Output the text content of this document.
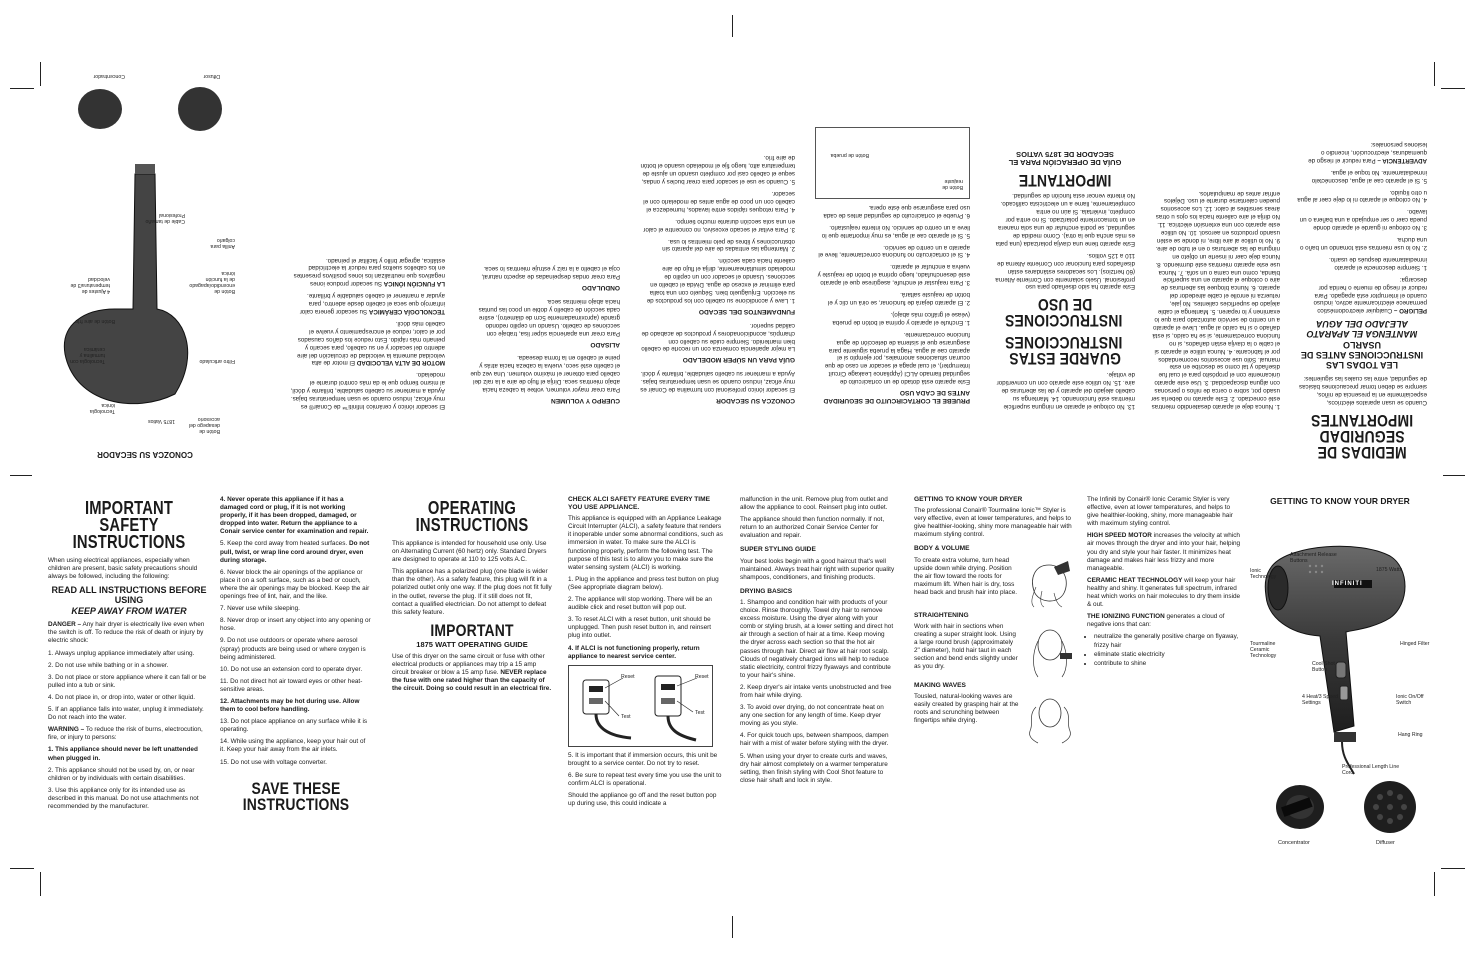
MEDIDAS DE SEGURIDAD IMPORTANTES

Cuando se usan aparatos eléctricos, especialmente en la presencia de niños, siempre se deben tomar precauciones básicas de seguridad, entre las cuales las siguientes:

LEA TODAS LAS INSTRUCCIONES ANTES DE USARLO
MANTENGA EL APARATO ALEJADO DEL AGUA

PELIGRO – Cualquier electrodoméstico permanece eléctricamente activo, incluso cuando el interruptor está apagado. Para reducir el riesgo de muerte o herida por descarga:

1. Siempre desconecte el aparato inmediatamente después de usarlo.

2. No lo use mientras está tomando un baño o una ducha.

3. No coloque ni guarde el aparato donde pueda caer o ser empujado a una bañera o un lavabo.

4. No coloque el aparato ni lo deje caer al agua u otro líquido.

5. Si el aparato cae al agua, desconéctelo inmediatamente. No toque el agua.

ADVERTENCIA – Para reducir el riesgo de quemaduras, electrocución, incendio o lesiones personales:

1. Nunca deje el aparato desatendido mientras esté conectado. 2. Este aparato no debería ser usado por, sobre o cerca de niños o personas con alguna discapacidad. 3. Use este aparato únicamente con el propósito para el cual fue diseñado y tal como se describe en este manual. Sólo use accesorios recomendados por el fabricante. 4. Nunca utilice el aparato si el cable o la clavija están dañados, si no funciona correctamente, si se ha caído, si está dañado o si ha caído al agua. Lleve el aparato a un centro de servicio autorizado para que lo examinen y lo reparen. 5. Mantenga el cable alejado de superficies calientes. No jale, retuerza ni enrolle el cable alrededor del aparato. 6. Nunca bloquee las aberturas de aire o coloque el aparato en una superficie blanda, como una cama o un sofá. 7. Nunca use este aparato mientras esté durmiendo. 8. Nunca deje caer ni inserte un objeto en ninguna de las aberturas o en el tubo de aire. 9. No lo utilice al aire libre, ni donde se estén usando productos en aerosol. 10. No utilice este aparato con una extensión eléctrica. 11. No dirija el aire caliente hacia los ojos u otras áreas sensibles al calor. 12. Los accesorios pueden calentarse durante el uso. Déjelos enfriar antes de manipularlos.

13. No coloque el aparato en ninguna superficie mientras esté funcionando. 14. Mantenga su cabello alejado del aparato y de las aberturas de aire. 15. No utilice este aparato con un convertidor de voltaje.

GUARDE ESTAS INSTRUCCIONES
INSTRUCCIONES DE USO

Este aparato ha sido diseñado para uso profesional. Úselo solamente con Corriente Alterna (60 hertzios). Los secadores estándares están diseñados para funcionar con Corriente Alterna de 110 a 125 voltios.

Este aparato tiene una clavija polarizada (una pata es más ancha que la otra). Como medida de seguridad, se podrá enchufar de una sola manera en un tomacorriente polarizado. Si no entra por completo, inviértala. Si aún no entra completamente, llame a un electricista calificado. No intente vencer esta función de seguridad.

IMPORTANTE
GUÍA DE OPERACIÓN PARA EL SECADOR DE 1875 VATIOS
PRUEBE EL CORTACIRCUITO DE SEGURIDAD ANTES DE CADA USO

Este aparato está dotado de un cortacircuito de seguridad llamado ALCI (Appliance Leakage Circuit Interrupter), el cual apaga el secador en caso de que ocurran situaciones anormales, por ejemplo si el aparato cae al agua. Haga la prueba siguiente para asegurarse que el sistema de detección de agua funcione correctamente.

1. Enchufe el aparato y oprima el botón de prueba (véase el gráfico más abajo).

2. El aparato dejará de funcionar, se oirá un clic y el botón de reajuste saltará.

3. Para reajustar el enchufe, asegúrese que el aparato esté desenchufado, luego oprima el botón de reajuste y vuelva a enchufar el aparato.

4. Si el cortacircuito no funciona correctamente, lleve el aparato a un centro de servicio.

5. Si el aparato cae al agua, es muy importante que lo lleve a un centro de servicio. No intente reajustarlo.

6. Pruebe el cortacircuito de seguridad antes de cada uso para asegurarse que éste opera.

Botón de reajuste
Botón de prueba
CONOZCA SU SECADOR

El secador iónico profesional con turmalina de Conair es muy eficaz, incluso cuando se usan temperaturas bajas. Ayuda a mantener su cabello saludable, brillante y dócil.

GUÍA PARA UN SÚPER MODELADO

La mejor apariencia comienza con un recorte de cabello bien mantenido. Siempre cuide su cabello con champús, acondicionadores y productos de acabado de calidad superior.

FUNDAMENTOS DEL SECADO

1. Lave y acondicione su cabello con los productos de su elección. Enjuáguelo bien. Séquelo con una toalla para eliminar el exceso de agua. Divida el cabello en secciones. Usando el secador con un cepillo de modelado simultáneamente, dirija el flujo de aire caliente hacia cada sección.

2. Mantenga las entradas de aire del aparato sin obstrucciones y libres de pelo mientras lo usa.

3. Para evitar el secado excesivo, no concentre el calor en una sola sección durante mucho tiempo.

4. Para retoques rápidos entre lavados, humedezca el cabello con un poco de agua antes de modelarlo con el secador.

5. Cuando se use el secador para crear bucles y ondas, seque el cabello casi por completo usando un ajuste de temperatura alto, luego fije el modelado usando el botón de aire frío.

CUERPO Y VOLUMEN

Para crear mayor volumen, voltee la cabeza hacia abajo mientras seca. Dirija el flujo de aire a la raíz del cabello para obtener el máximo volumen. Una vez que el cabello esté seco, vuelva la cabeza hacia atrás y peine el cabello en la forma deseada.

ALISADO

Para crear una apariencia súper lisa, trabaje con secciones de cabello. Usando un cepillo redondo grande (aproximadamente 5cm de diámetro), estire cada sección de cabello y doble un poco las puntas hacia abajo mientras seca.

ONDULADO

Para crear ondas despeinadas de aspecto natural, coja el cabello a la raíz y estruje mientras lo seca.

El secador iónico y cerámico Infiniti™ de Conair® es muy eficaz, incluso cuando se usan temperaturas bajas. Ayuda a mantener su cabello saludable, brillante y dócil, al mismo tiempo que le da más control durante el modelado.

MOTOR DE ALTA VELOCIDAD El motor de alta velocidad aumenta la velocidad de circulación del aire adentro del secador y en su cabello, para secarlo y peinarlo más rápido. Esto reduce los daños causados por el calor, reduce el encrespamiento y vuelve el cabello más dócil.

TECNOLOGÍA CERÁMICA Su secador genera calor infrarrojo que seca el cabello desde adentro, para ayudar a mantener el cabello saludable y brillante.

LA FUNCIÓN IÓNICA Su secador produce iones negativos que neutralizan los iones positivos presentes en los cabellos sueltos para reducir la electricidad estática, agregar brillo y facilitar el peinado.

CONOZCA SU SECADOR
Botón de desapego del accesorio
1875 Vatios
Tecnología iónica
Tecnología con turmalina y cerámica
Filtro articulado
Botón de aire frío
4 Ajustes de temperatura/3 de velocidad
Botón de encendido/apagado de la función iónica
Anilla para colgarlo
Cable de tamaño Profesional
Concentrador	Difusor
IMPORTANT SAFETY INSTRUCTIONS

When using electrical appliances, especially when children are present, basic safety precautions should always be followed, including the following:

READ ALL INSTRUCTIONS BEFORE USING
KEEP AWAY FROM WATER

DANGER – Any hair dryer is electrically live even when the switch is off. To reduce the risk of death or injury by electric shock:

1. Always unplug appliance immediately after using.

2. Do not use while bathing or in a shower.

3. Do not place or store appliance where it can fall or be pulled into a tub or sink.

4. Do not place in, or drop into, water or other liquid.

5. If an appliance falls into water, unplug it immediately. Do not reach into the water.

WARNING – To reduce the risk of burns, electrocution, fire, or injury to persons:

1. This appliance should never be left unattended when plugged in.

2. This appliance should not be used by, on, or near children or by individuals with certain disabilities.

3. Use this appliance only for its intended use as described in this manual. Do not use attachments not recommended by the manufacturer.

4. Never operate this appliance if it has a damaged cord or plug, if it is not working properly, if it has been dropped, damaged, or dropped into water. Return the appliance to a Conair service center for examination and repair.

5. Keep the cord away from heated surfaces. Do not pull, twist, or wrap line cord around dryer, even during storage.

6. Never block the air openings of the appliance or place it on a soft surface, such as a bed or couch, where the air openings may be blocked. Keep the air openings free of lint, hair, and the like.

7. Never use while sleeping.

8. Never drop or insert any object into any opening or hose.

9. Do not use outdoors or operate where aerosol (spray) products are being used or where oxygen is being administered.

10. Do not use an extension cord to operate dryer.

11. Do not direct hot air toward eyes or other heat-sensitive areas.

12. Attachments may be hot during use. Allow them to cool before handling.

13. Do not place appliance on any surface while it is operating.

14. While using the appliance, keep your hair out of it. Keep your hair away from the air inlets.

15. Do not use with voltage converter.

SAVE THESE INSTRUCTIONS
OPERATING INSTRUCTIONS

This appliance is intended for household use only. Use on Alternating Current (60 hertz) only. Standard Dryers are designed to operate at 110 to 125 volts A.C.

This appliance has a polarized plug (one blade is wider than the other). As a safety feature, this plug will fit in a polarized outlet only one way. If the plug does not fit fully in the outlet, reverse the plug. If it still does not fit, contact a qualified electrician. Do not attempt to defeat this safety feature.

IMPORTANT
1875 WATT OPERATING GUIDE

Use of this dryer on the same circuit or fuse with other electrical products or appliances may trip a 15 amp circuit breaker or blow a 15 amp fuse. NEVER replace the fuse with one rated higher than the capacity of the circuit. Doing so could result in an electrical fire.

CHECK ALCI SAFETY FEATURE EVERY TIME YOU USE APPLIANCE.

This appliance is equipped with an Appliance Leakage Circuit Interrupter (ALCI), a safety feature that renders it inoperable under some abnormal conditions, such as immersion in water. To make sure the ALCI is functioning properly, perform the following test. The purpose of this test is to allow you to make sure the water sensing system (ALCI) is working.

1. Plug in the appliance and press test button on plug (See appropriate diagram below).

2. The appliance will stop working. There will be an audible click and reset button will pop out.

3. To reset ALCI with a reset button, unit should be unplugged. Then push reset button in, and reinsert plug into outlet.

4. If ALCI is not functioning properly, return appliance to nearest service center.

Reset
Test
Reset
Test

5. It is important that if immersion occurs, this unit be brought to a service center. Do not try to reset.

6. Be sure to repeat test every time you use the unit to confirm ALCI is operational.

Should the appliance go off and the reset button pop up during use, this could indicate a

malfunction in the unit. Remove plug from outlet and allow the appliance to cool. Reinsert plug into outlet.

The appliance should then function normally. If not, return to an authorized Conair Service Center for evaluation and repair.

SUPER STYLING GUIDE

Your best looks begin with a good haircut that's well maintained. Always treat hair right with superior quality shampoos, conditioners, and finishing products.

DRYING BASICS

1. Shampoo and condition hair with products of your choice. Rinse thoroughly. Towel dry hair to remove excess moisture. Using the dryer along with your comb or styling brush, at a lower setting and direct hot air through a section of hair at a time. Keep moving the dryer across each section so that the hot air passes through hair. Direct air flow at hair root scalp. Clouds of negatively charged ions will help to reduce static electricity, control frizzy flyaways and contribute to your hair's shine.

2. Keep dryer's air intake vents unobstructed and free from hair while drying.

3. To avoid over drying, do not concentrate heat on any one section for any length of time. Keep dryer moving as you style.

4. For quick touch ups, between shampoos, dampen hair with a mist of water before styling with the dryer.

5. When using your dryer to create curls and waves, dry hair almost completely on a warmer temperature setting, then finish styling with Cool Shot feature to close hair shaft and lock in style.

GETTING TO KNOW YOUR DRYER

The professional Conair® Tourmaline Ionic™ Styler is very effective, even at lower temperatures, and helps to give healthier-looking, shiny more manageable hair with maximum styling control.

BODY & VOLUME

To create extra volume, turn head upside down while drying. Position the air flow toward the roots for maximum lift. When hair is dry, toss head back and brush hair into place.

STRAIGHTENING

Work with hair in sections when creating a super straight look. Using a large round brush (approximately 2" diameter), hold hair taut in each section and bend ends slightly under as you dry.

MAKING WAVES

Tousled, natural-looking waves are easily created by grasping hair at the roots and scrunching between fingertips while drying.

The Infiniti by Conair® Ionic Ceramic Styler is very effective, even at lower temperatures, and helps to give healthier-looking, shiny, more manageable hair with maximum styling control.

HIGH SPEED MOTOR increases the velocity at which air moves through the dryer and into your hair, helping you dry and style your hair faster. It minimizes heat damage and makes hair less frizzy and more manageable.

CERAMIC HEAT TECHNOLOGY will keep your hair healthy and shiny. It generates full spectrum, infrared heat which works on hair molecules to dry them inside & out.

THE IONIZING FUNCTION generates a cloud of negative ions that can:

• neutralize the generally positive charge on flyaway, frizzy hair
• eliminate static electricity
• contribute to shine
GETTING TO KNOW YOUR DRYER
INFINITI
Attachment Release Buttons
1875 Watts
Ionic Technology
Tourmaline Ceramic Technology
Hinged Filter
Cool Shot Button
4 Heat/3 Speed Settings
Ionic On/Off Switch
Hang Ring
Professional Length Line Cord
Concentrator	Diffuser
